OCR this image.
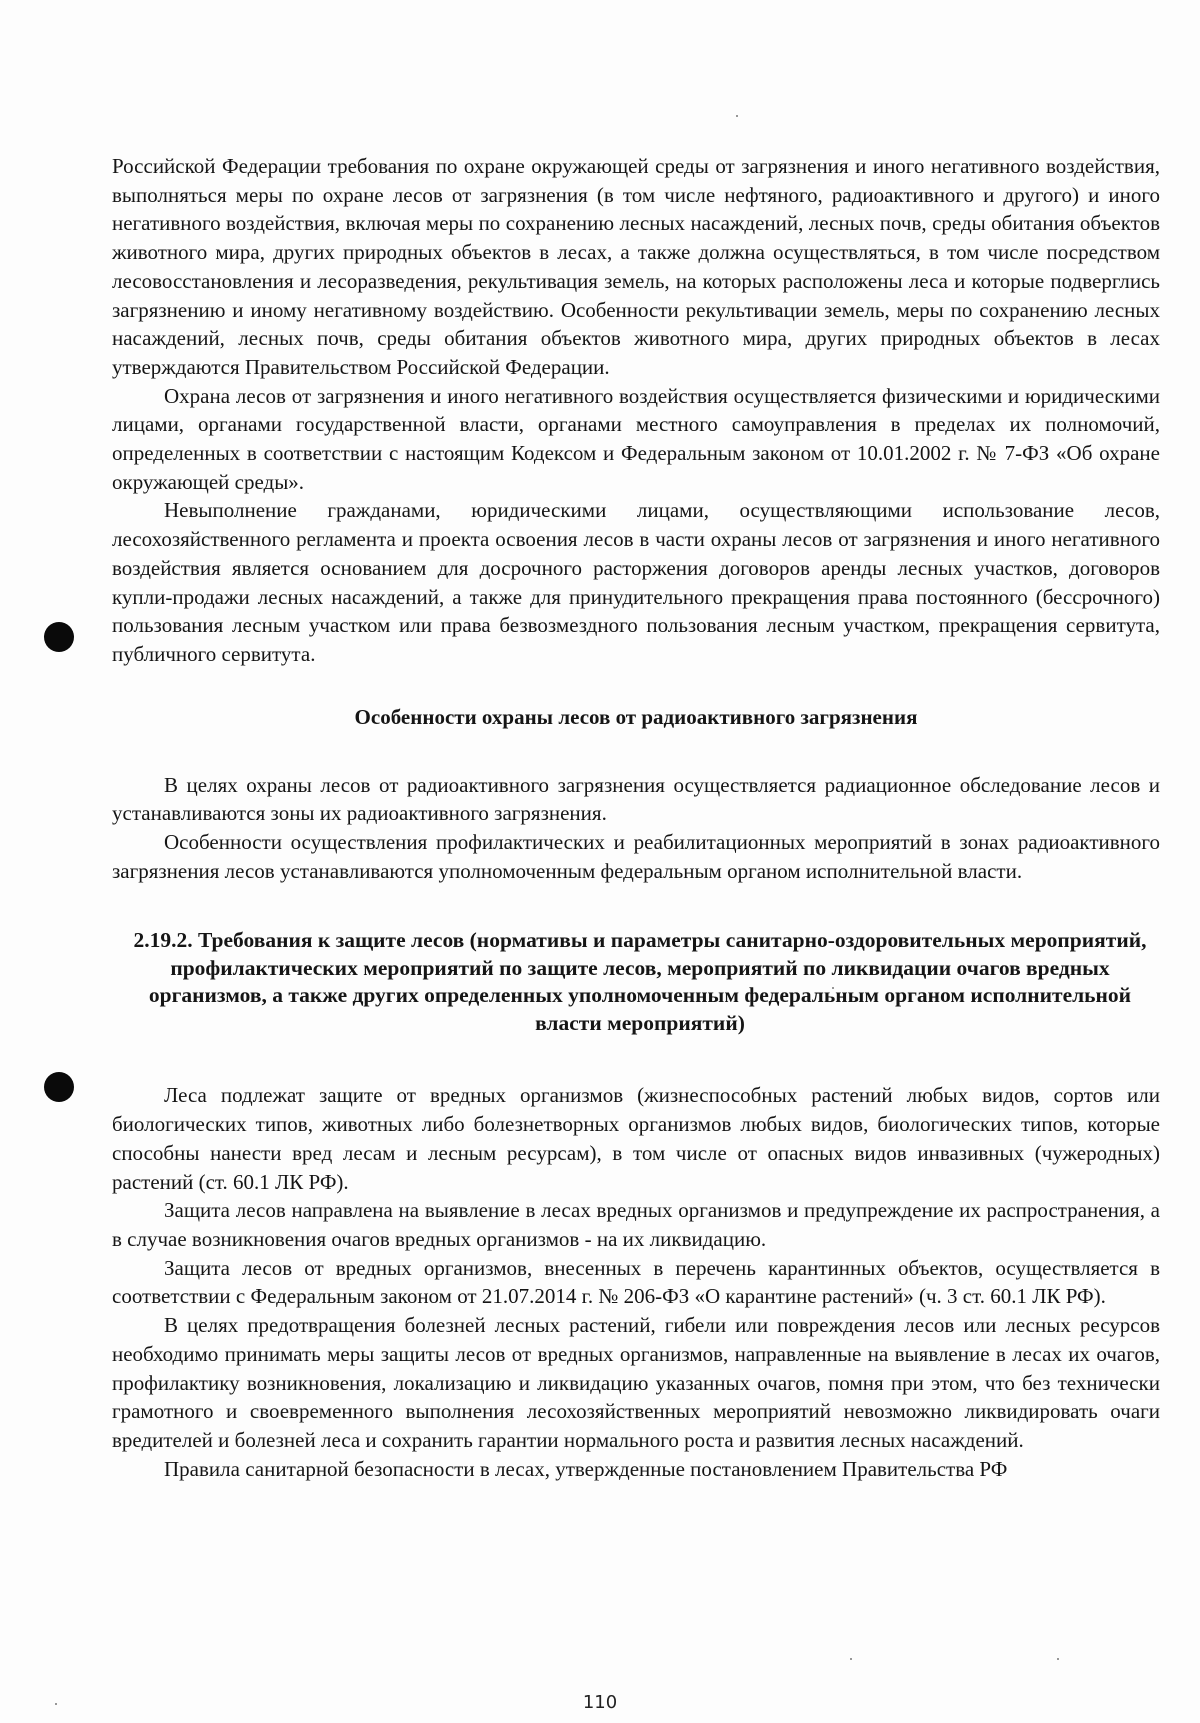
Российской Федерации требования по охране окружающей среды от загрязнения и иного негативного воздействия, выполняться меры по охране лесов от загрязнения (в том числе нефтяного, радиоактивного и другого) и иного негативного воздействия, включая меры по сохранению лесных насаждений, лесных почв, среды обитания объектов животного мира, других природных объектов в лесах, а также должна осуществляться, в том числе посредством лесовосстановления и лесоразведения, рекультивация земель, на которых расположены леса и которые подверглись загрязнению и иному негативному воздействию. Особенности рекультивации земель, меры по сохранению лесных насаждений, лесных почв, среды обитания объектов животного мира, других природных объектов в лесах утверждаются Правительством Российской Федерации.

Охрана лесов от загрязнения и иного негативного воздействия осуществляется физическими и юридическими лицами, органами государственной власти, органами местного самоуправления в пределах их полномочий, определенных в соответствии с настоящим Кодексом и Федеральным законом от 10.01.2002 г. № 7-ФЗ «Об охране окружающей среды».

Невыполнение гражданами, юридическими лицами, осуществляющими использование лесов, лесохозяйственного регламента и проекта освоения лесов в части охраны лесов от загрязнения и иного негативного воздействия является основанием для досрочного расторжения договоров аренды лесных участков, договоров купли-продажи лесных насаждений, а также для принудительного прекращения права постоянного (бессрочного) пользования лесным участком или права безвозмездного пользования лесным участком, прекращения сервитута, публичного сервитута.

Особенности охраны лесов от радиоактивного загрязнения

В целях охраны лесов от радиоактивного загрязнения осуществляется радиационное обследование лесов и устанавливаются зоны их радиоактивного загрязнения.

Особенности осуществления профилактических и реабилитационных мероприятий в зонах радиоактивного загрязнения лесов устанавливаются уполномоченным федеральным органом исполнительной власти.

2.19.2. Требования к защите лесов (нормативы и параметры санитарно-оздоровительных мероприятий, профилактических мероприятий по защите лесов, мероприятий по ликвидации очагов вредных организмов, а также других определенных уполномоченным федеральным органом исполнительной власти мероприятий)

Леса подлежат защите от вредных организмов (жизнеспособных растений любых видов, сортов или биологических типов, животных либо болезнетворных организмов любых видов, биологических типов, которые способны нанести вред лесам и лесным ресурсам), в том числе от опасных видов инвазивных (чужеродных) растений (ст. 60.1 ЛК РФ).

Защита лесов направлена на выявление в лесах вредных организмов и предупреждение их распространения, а в случае возникновения очагов вредных организмов - на их ликвидацию.

Защита лесов от вредных организмов, внесенных в перечень карантинных объектов, осуществляется в соответствии с Федеральным законом от 21.07.2014 г. № 206-ФЗ «О карантине растений» (ч. 3 ст. 60.1 ЛК РФ).

В целях предотвращения болезней лесных растений, гибели или повреждения лесов или лесных ресурсов необходимо принимать меры защиты лесов от вредных организмов, направленные на выявление в лесах их очагов, профилактику возникновения, локализацию и ликвидацию указанных очагов, помня при этом, что без технически грамотного и своевременного выполнения лесохозяйственных мероприятий невозможно ликвидировать очаги вредителей и болезней леса и сохранить гарантии нормального роста и развития лесных насаждений.

Правила санитарной безопасности в лесах, утвержденные постановлением Правительства РФ

110
